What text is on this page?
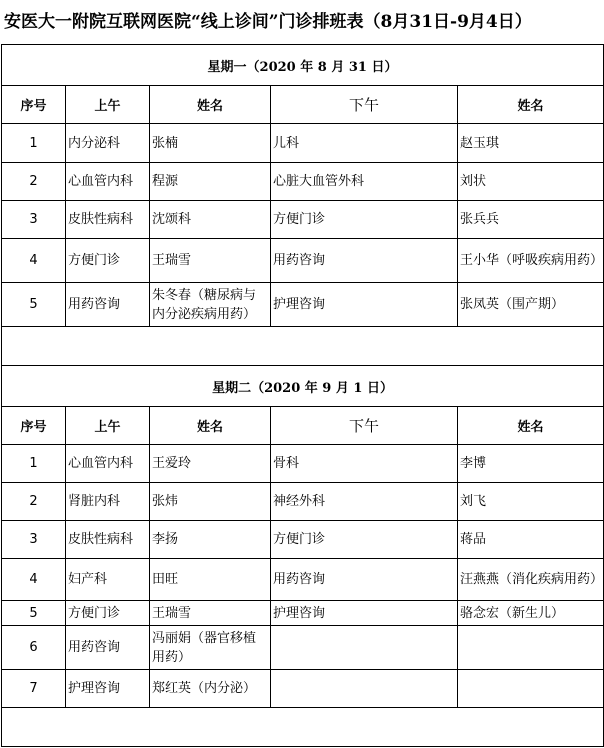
安医大一附院互联网医院“线上诊间”门诊排班表（8月31日-9月4日）
星期一（2020 年 8 月 31 日）				
序号	上午	姓名	下午	姓名
1	内分泌科	张楠	儿科	赵玉琪
2	心血管内科	程源	心脏大血管外科	刘状
3	皮肤性病科	沈颂科	方便门诊	张兵兵
4	方便门诊	王瑞雪	用药咨询	王小华（呼吸疾病用药）
5	用药咨询	朱冬春（糖尿病与内分泌疾病用药）	护理咨询	张凤英（围产期）

星期二（2020 年 9 月 1 日）				
序号	上午	姓名	下午	姓名
1	心血管内科	王爱玲	骨科	李博
2	肾脏内科	张炜	神经外科	刘飞
3	皮肤性病科	李扬	方便门诊	蒋品
4	妇产科	田旺	用药咨询	汪燕燕（消化疾病用药）
5	方便门诊	王瑞雪	护理咨询	骆念宏（新生儿）
6	用药咨询	冯丽娟（器官移植用药）		
7	护理咨询	郑红英（内分泌）		
